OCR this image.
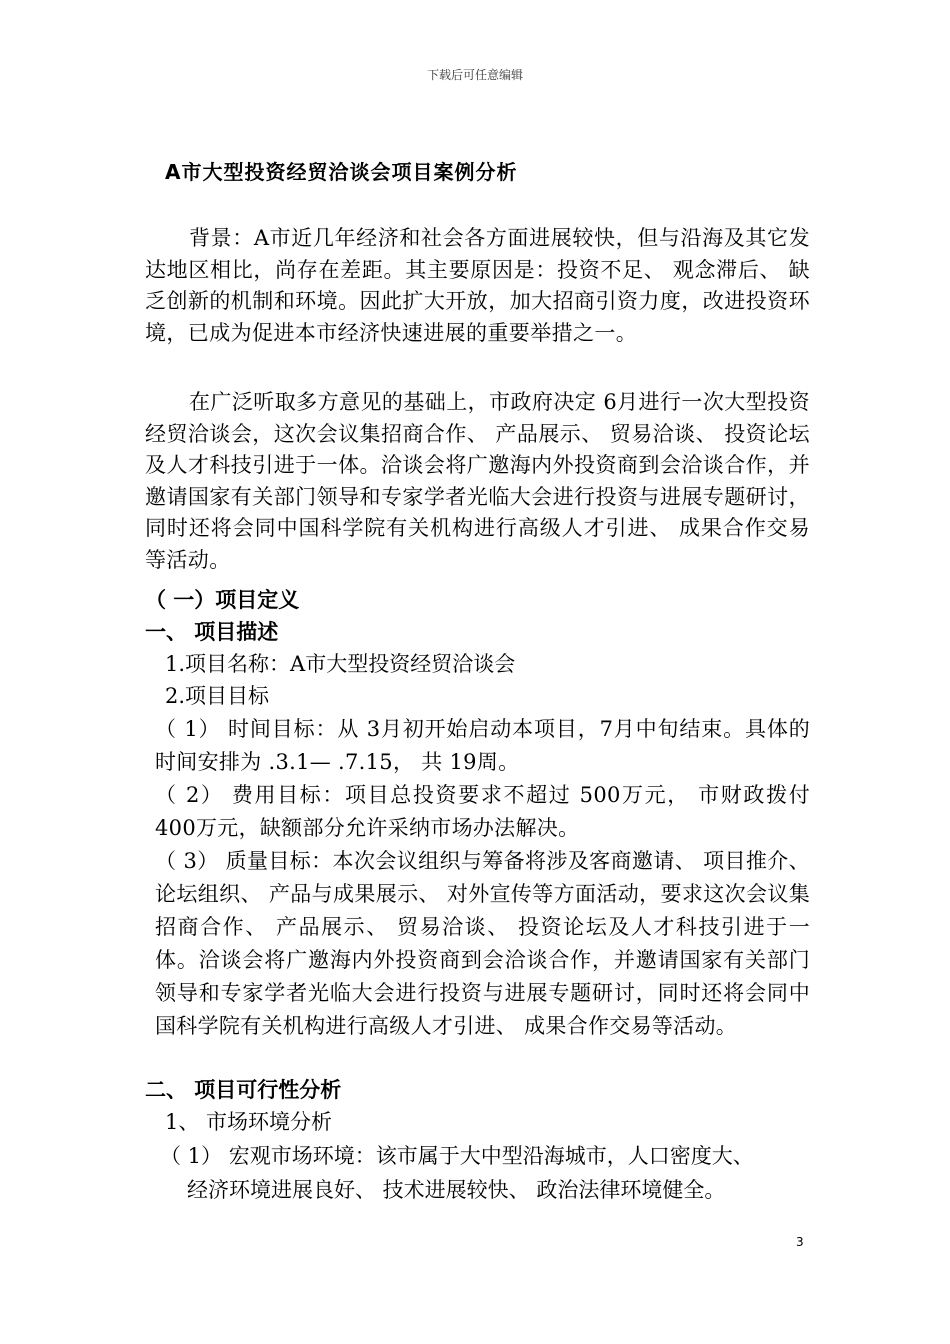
下载后可任意编辑
A市大型投资经贸洽谈会项目案例分析
背景：A市近几年经济和社会各方面进展较快，但与沿海及其它发达地区相比，尚存在差距。其主要原因是：投资不足、 观念滞后、 缺乏创新的机制和环境。因此扩大开放，加大招商引资力度，改进投资环境，已成为促进本市经济快速进展的重要举措之一。
在广泛听取多方意见的基础上，市政府决定 6月进行一次大型投资经贸洽谈会，这次会议集招商合作、 产品展示、 贸易洽谈、 投资论坛及人才科技引进于一体。洽谈会将广邀海内外投资商到会洽谈合作，并邀请国家有关部门领导和专家学者光临大会进行投资与进展专题研讨，同时还将会同中国科学院有关机构进行高级人才引进、 成果合作交易等活动。
（ 一）项目定义
一、 项目描述
1.项目名称：A市大型投资经贸洽谈会
2.项目目标
（ 1） 时间目标：从 3月初开始启动本项目，7月中旬结束。具体的时间安排为 .3.1— .7.15， 共 19周。
（ 2） 费用目标：项目总投资要求不超过 500万元， 市财政拨付 400万元，缺额部分允许采纳市场办法解决。
（ 3） 质量目标：本次会议组织与筹备将涉及客商邀请、 项目推介、 论坛组织、 产品与成果展示、 对外宣传等方面活动，要求这次会议集招商合作、 产品展示、 贸易洽谈、 投资论坛及人才科技引进于一体。洽谈会将广邀海内外投资商到会洽谈合作，并邀请国家有关部门领导和专家学者光临大会进行投资与进展专题研讨，同时还将会同中国科学院有关机构进行高级人才引进、 成果合作交易等活动。
二、 项目可行性分析
1、 市场环境分析
（ 1） 宏观市场环境：该市属于大中型沿海城市，人口密度大、
经济环境进展良好、 技术进展较快、 政治法律环境健全。
3
